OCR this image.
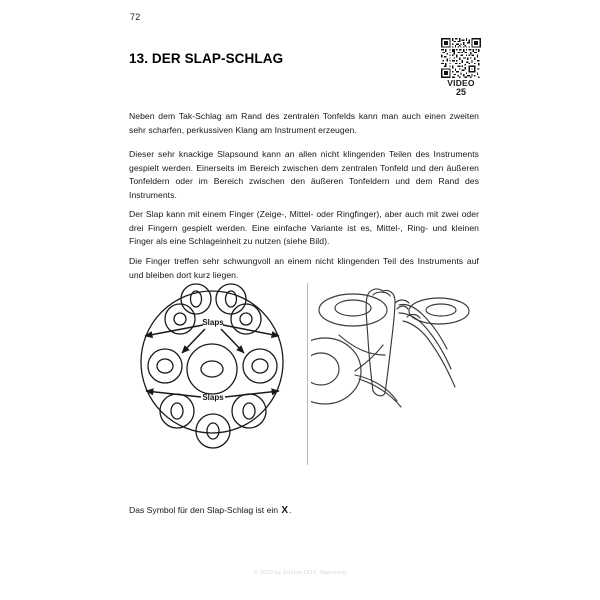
72
13. DER SLAP-SCHLAG
VIDEO
25

Neben dem Tak-Schlag am Rand des zentralen Tonfelds kann man auch einen zweiten sehr scharfen, perkussiven Klang am Instrument erzeugen.

Dieser sehr knackige Slapsound kann an allen nicht klingenden Teilen des Instruments gespielt werden. Einerseits im Bereich zwischen dem zentralen Tonfeld und den äußeren Tonfeldern oder im Bereich zwischen den äußeren Tonfeldern und dem Rand des Instruments.

Der Slap kann mit einem Finger (Zeige-, Mittel- oder Ringfinger), aber auch mit zwei oder drei Fingern gespielt werden. Eine einfache Variante ist es, Mittel-, Ring- und kleinen Finger als eine Schlageinheit zu nutzen (siehe Bild).

Die Finger treffen sehr schwungvoll an einem nicht klingenden Teil des Instruments auf und bleiben dort kurz liegen.

Slaps
Slaps

Das Symbol für den Slap-Schlag ist ein X.

© 2020 by Edition DUX, Manching
